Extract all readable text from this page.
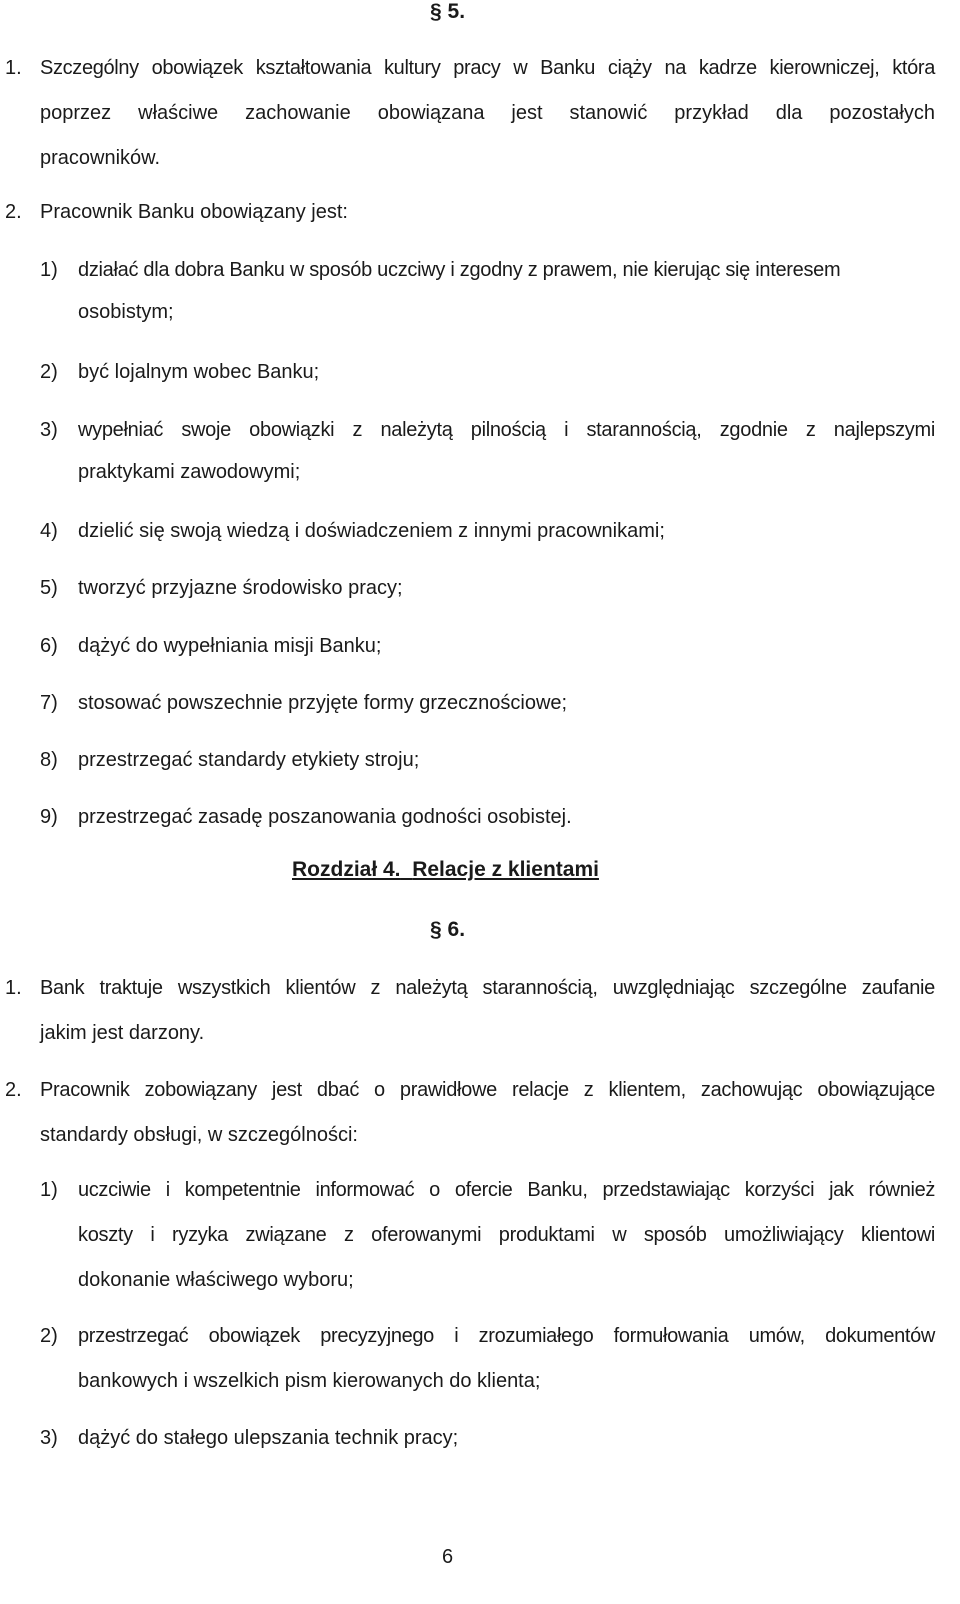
§ 5.
1. Szczególny obowiązek kształtowania kultury pracy w Banku ciąży na kadrze kierowniczej, która
poprzez właściwe zachowanie obowiązana jest stanowić przykład dla pozostałych
pracowników.
2. Pracownik Banku obowiązany jest:
1) działać dla dobra Banku w sposób uczciwy i zgodny z prawem, nie kierując się interesem
osobistym;
2) być lojalnym wobec Banku;
3) wypełniać swoje obowiązki z należytą pilnością i starannością, zgodnie z najlepszymi
praktykami zawodowymi;
4) dzielić się swoją wiedzą i doświadczeniem z innymi pracownikami;
5) tworzyć przyjazne środowisko pracy;
6) dążyć do wypełniania misji Banku;
7) stosować powszechnie przyjęte formy grzecznościowe;
8) przestrzegać standardy etykiety stroju;
9) przestrzegać zasadę poszanowania godności osobistej.
Rozdział 4. Relacje z klientami
§ 6.
1. Bank traktuje wszystkich klientów z należytą starannością, uwzględniając szczególne zaufanie
jakim jest darzony.
2. Pracownik zobowiązany jest dbać o prawidłowe relacje z klientem, zachowując obowiązujące
standardy obsługi, w szczególności:
1) uczciwie i kompetentnie informować o ofercie Banku, przedstawiając korzyści jak również
koszty i ryzyka związane z oferowanymi produktami w sposób umożliwiający klientowi
dokonanie właściwego wyboru;
2) przestrzegać obowiązek precyzyjnego i zrozumiałego formułowania umów, dokumentów
bankowych i wszelkich pism kierowanych do klienta;
3) dążyć do stałego ulepszania technik pracy;
6
